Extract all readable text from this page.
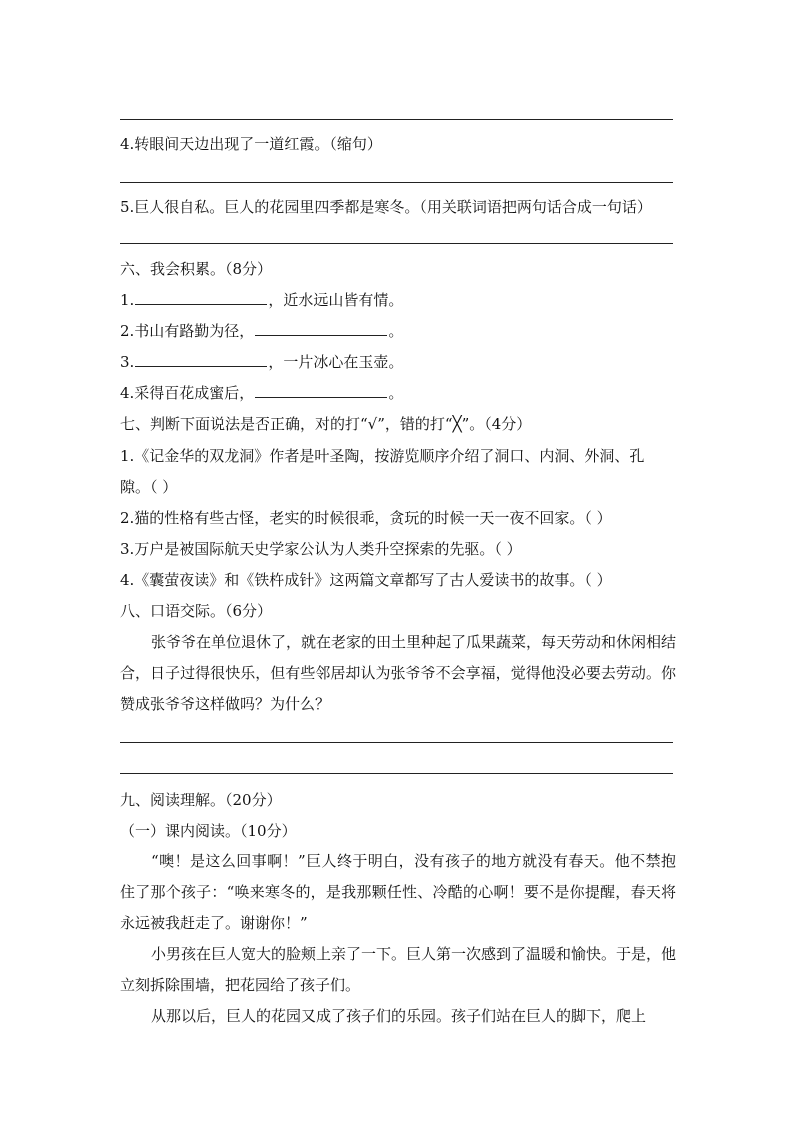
4.转眼间天边出现了一道红霞。（缩句）
5.巨人很自私。巨人的花园里四季都是寒冬。（用关联词语把两句话合成一句话）
六、我会积累。（8分）
1.	，近水远山皆有情。
2.书山有路勤为径，	。
3.	，一片冰心在玉壶。
4.采得百花成蜜后，	。
七、判断下面说法是否正确，对的打“√”，错的打“╳”。（4分）
1.《记金华的双龙洞》作者是叶圣陶，按游览顺序介绍了洞口、内洞、外洞、孔
隙。（ ）
2.猫的性格有些古怪，老实的时候很乖，贪玩的时候一天一夜不回家。（ ）
3.万户是被国际航天史学家公认为人类升空探索的先驱。（ ）
4.《囊萤夜读》和《铁杵成针》这两篇文章都写了古人爱读书的故事。（ ）
八、口语交际。（6分）
张爷爷在单位退休了，就在老家的田土里种起了瓜果蔬菜，每天劳动和休闲相结合，日子过得很快乐，但有些邻居却认为张爷爷不会享福，觉得他没必要去劳动。你赞成张爷爷这样做吗？为什么？
九、阅读理解。（20分）
（一）课内阅读。（10分）
“噢！是这么回事啊！”巨人终于明白，没有孩子的地方就没有春天。他不禁抱住了那个孩子：“唤来寒冬的，是我那颗任性、冷酷的心啊！要不是你提醒，春天将永远被我赶走了。谢谢你！”
小男孩在巨人宽大的脸颊上亲了一下。巨人第一次感到了温暖和愉快。于是，他立刻拆除围墙，把花园给了孩子们。
从那以后，巨人的花园又成了孩子们的乐园。孩子们站在巨人的脚下，爬上
